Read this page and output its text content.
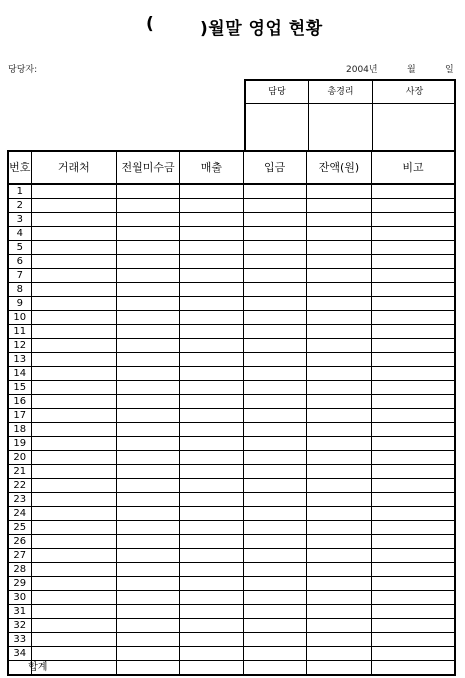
(	)월말 영업 현황
당당자:	2004년	월	일
담당	총경리	사장
번호	거래처	전월미수금	매출	입금	잔액(원)	비고
1						
2						
3						
4						
5						
6						
7						
8						
9						
10						
11						
12						
13						
14						
15						
16						
17						
18						
19						
20						
21						
22						
23						
24						
25						
26						
27						
28						
29						
30						
31						
32						
33						
34						
합계						
